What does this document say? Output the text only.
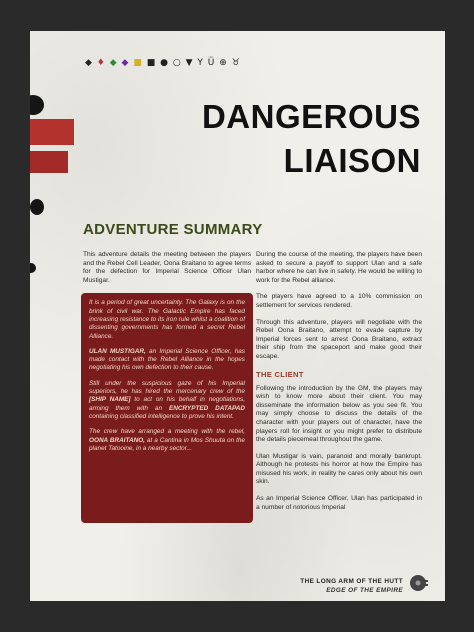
◆ ♦ ◆ ◆ ■ ■ ● ○ ▼ Y Ü ⊕ ♉
DANGEROUS
LIAISON
ADVENTURE SUMMARY

This adventure details the meeting between the players and the Rebel Cell Leader, Oona Braitano to agree terms for the defection for Imperial Science Officer Ulan Mustigar.

It is a period of great uncertainty. The Galaxy is on the brink of civil war. The Galactic Empire has faced increasing resistance to its iron rule whilst a coalition of dissenting governments has formed a secret Rebel Alliance.

ULAN MUSTIGAR, an Imperial Science Officer, has made contact with the Rebel Alliance in the hopes negotiating his own defection to their cause.

Still under the suspicious gaze of his Imperial superiors, he has hired the mercenary crew of the [SHIP NAME] to act on his behalf in negotiations, arming them with an ENCRYPTED DATAPAD containing classified intelligence to prove his intent.

The crew have arranged a meeting with the rebel, OONA BRAITANO, at a Cantina in Mos Shuuta on the planet Tatooine, in a nearby sector...

During the course of the meeting, the players have been asked to secure a payoff to support Ulan and a safe harbor where he can live in safety. He would be willing to work for the Rebel alliance.

The players have agreed to a 10% commission on settlement for services rendered.

Through this adventure, players will negotiate with the Rebel Oona Braitano, attempt to evade capture by Imperial forces sent to arrest Oona Braitano, extract their ship from the spaceport and make good their escape.

THE CLIENT

Following the introduction by the GM, the players may wish to know more about their client. You may disseminate the information below as you see fit. You may simply choose to discuss the details of the character with your players out of character, have the players roll for insight or you might prefer to distribute the details piecemeal throughout the game.

Ulan Mustigar is vain, paranoid and morally bankrupt. Although he protests his horror at how the Empire has misused his work, in reality he cares only about his own skin.

As an Imperial Science Officer, Ulan has participated in a number of notorious Imperial

THE LONG ARM OF THE HUTT
EDGE OF THE EMPIRE
